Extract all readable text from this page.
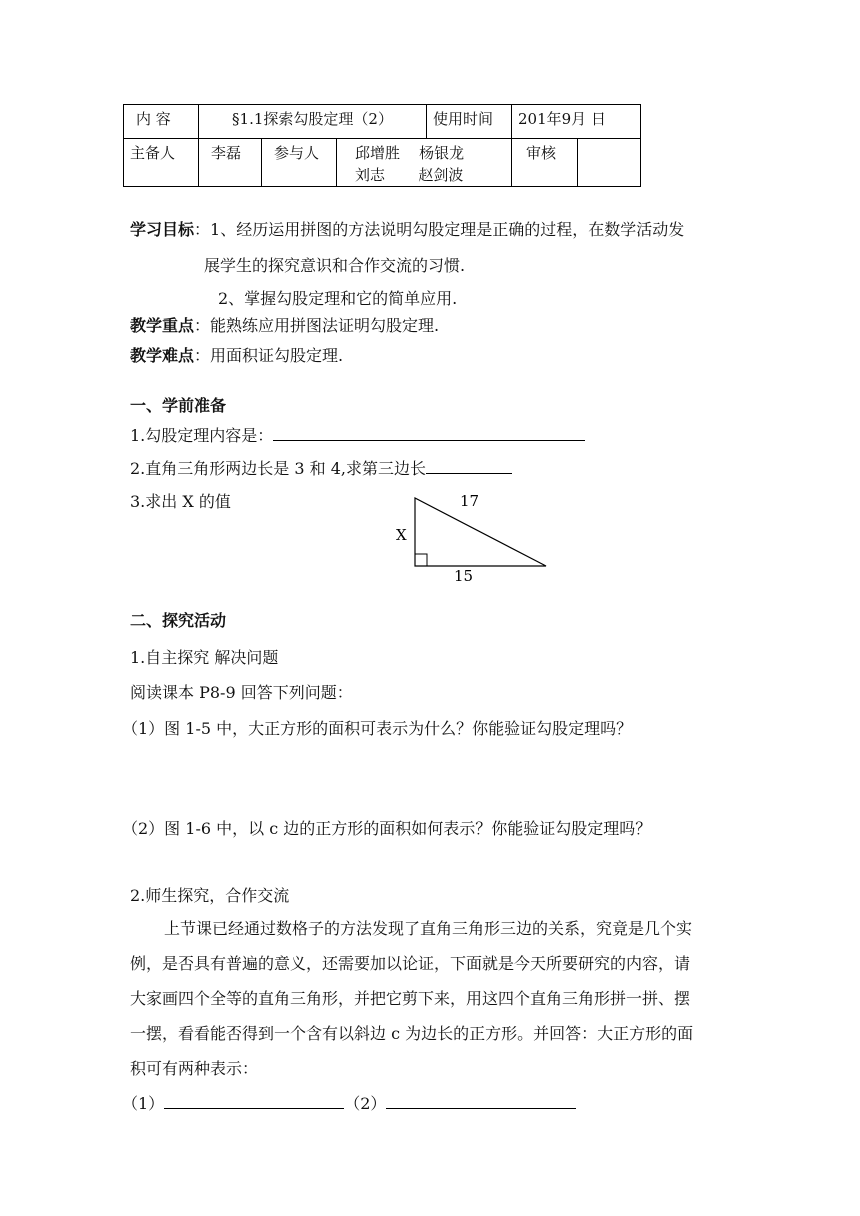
内 容	§1.1探索勾股定理（2）			使用时间	201年9月 日	

主备人	李磊	参与人	邱增胜    杨银龙
刘志       赵剑波		审核	

学习目标：1、经历运用拼图的方法说明勾股定理是正确的过程，在数学活动发
展学生的探究意识和合作交流的习惯.
2、掌握勾股定理和它的简单应用.
教学重点：能熟练应用拼图法证明勾股定理.
教学难点：用面积证勾股定理.
一、学前准备
1.勾股定理内容是：
2.直角三角形两边长是 3 和 4,求第三边长
3.求出 X 的值	17
X
15
二、探究活动
1.自主探究 解决问题
阅读课本 P8-9 回答下列问题：
（1）图 1-5 中，大正方形的面积可表示为什么？你能验证勾股定理吗？
（2）图 1-6 中，以 c 边的正方形的面积如何表示？你能验证勾股定理吗？
2.师生探究，合作交流
上节课已经通过数格子的方法发现了直角三角形三边的关系，究竟是几个实
例，是否具有普遍的意义，还需要加以论证，下面就是今天所要研究的内容，请
大家画四个全等的直角三角形，并把它剪下来，用这四个直角三角形拼一拼、摆
一摆，看看能否得到一个含有以斜边 c 为边长的正方形。并回答：大正方形的面
积可有两种表示：
（1）	（2）
